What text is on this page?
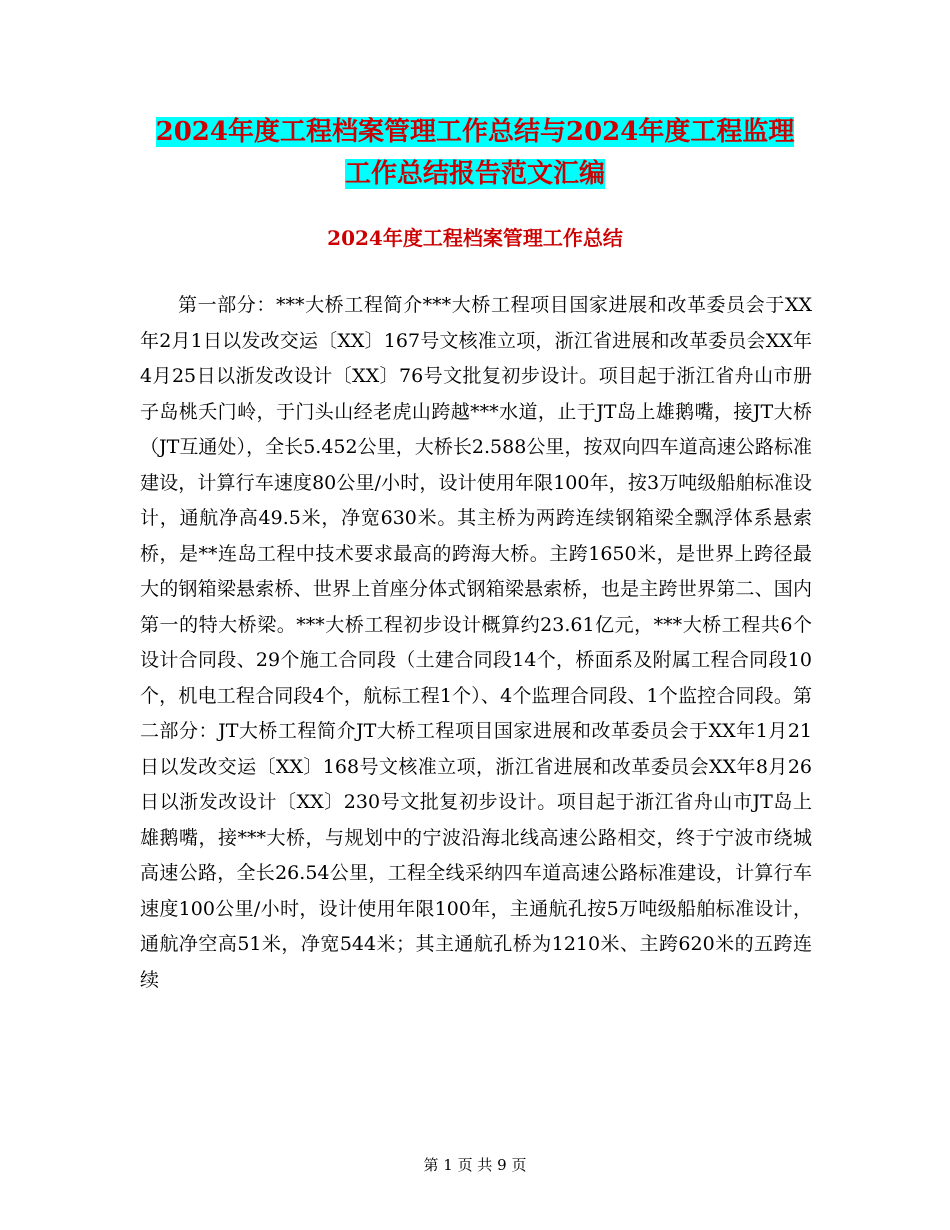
2024年度工程档案管理工作总结与2024年度工程监理
工作总结报告范文汇编
2024年度工程档案管理工作总结

第一部分：***大桥工程简介***大桥工程项目国家进展和改革委员会于XX年2月1日以发改交运〔XX〕167号文核准立项，浙江省进展和改革委员会XX年4月25日以浙发改设计〔XX〕76号文批复初步设计。项目起于浙江省舟山市册子岛桃夭门岭，于门头山经老虎山跨越***水道，止于JT岛上雄鹅嘴，接JT大桥（JT互通处），全长5.452公里，大桥长2.588公里，按双向四车道高速公路标准建设，计算行车速度80公里/小时，设计使用年限100年，按3万吨级船舶标准设计，通航净高49.5米，净宽630米。其主桥为两跨连续钢箱梁全飘浮体系悬索桥，是**连岛工程中技术要求最高的跨海大桥。主跨1650米，是世界上跨径最大的钢箱梁悬索桥、世界上首座分体式钢箱梁悬索桥，也是主跨世界第二、国内第一的特大桥梁。***大桥工程初步设计概算约23.61亿元，***大桥工程共6个设计合同段、29个施工合同段（土建合同段14个，桥面系及附属工程合同段10个，机电工程合同段4个，航标工程1个）、4个监理合同段、1个监控合同段。第二部分：JT大桥工程简介JT大桥工程项目国家进展和改革委员会于XX年1月21日以发改交运〔XX〕168号文核准立项，浙江省进展和改革委员会XX年8月26日以浙发改设计〔XX〕230号文批复初步设计。项目起于浙江省舟山市JT岛上雄鹅嘴，接***大桥，与规划中的宁波沿海北线高速公路相交，终于宁波市绕城高速公路，全长26.54公里，工程全线采纳四车道高速公路标准建设，计算行车速度100公里/小时，设计使用年限100年，主通航孔按5万吨级船舶标准设计，通航净空高51米，净宽544米；其主通航孔桥为1210米、主跨620米的五跨连续

第 1 页 共 9 页
